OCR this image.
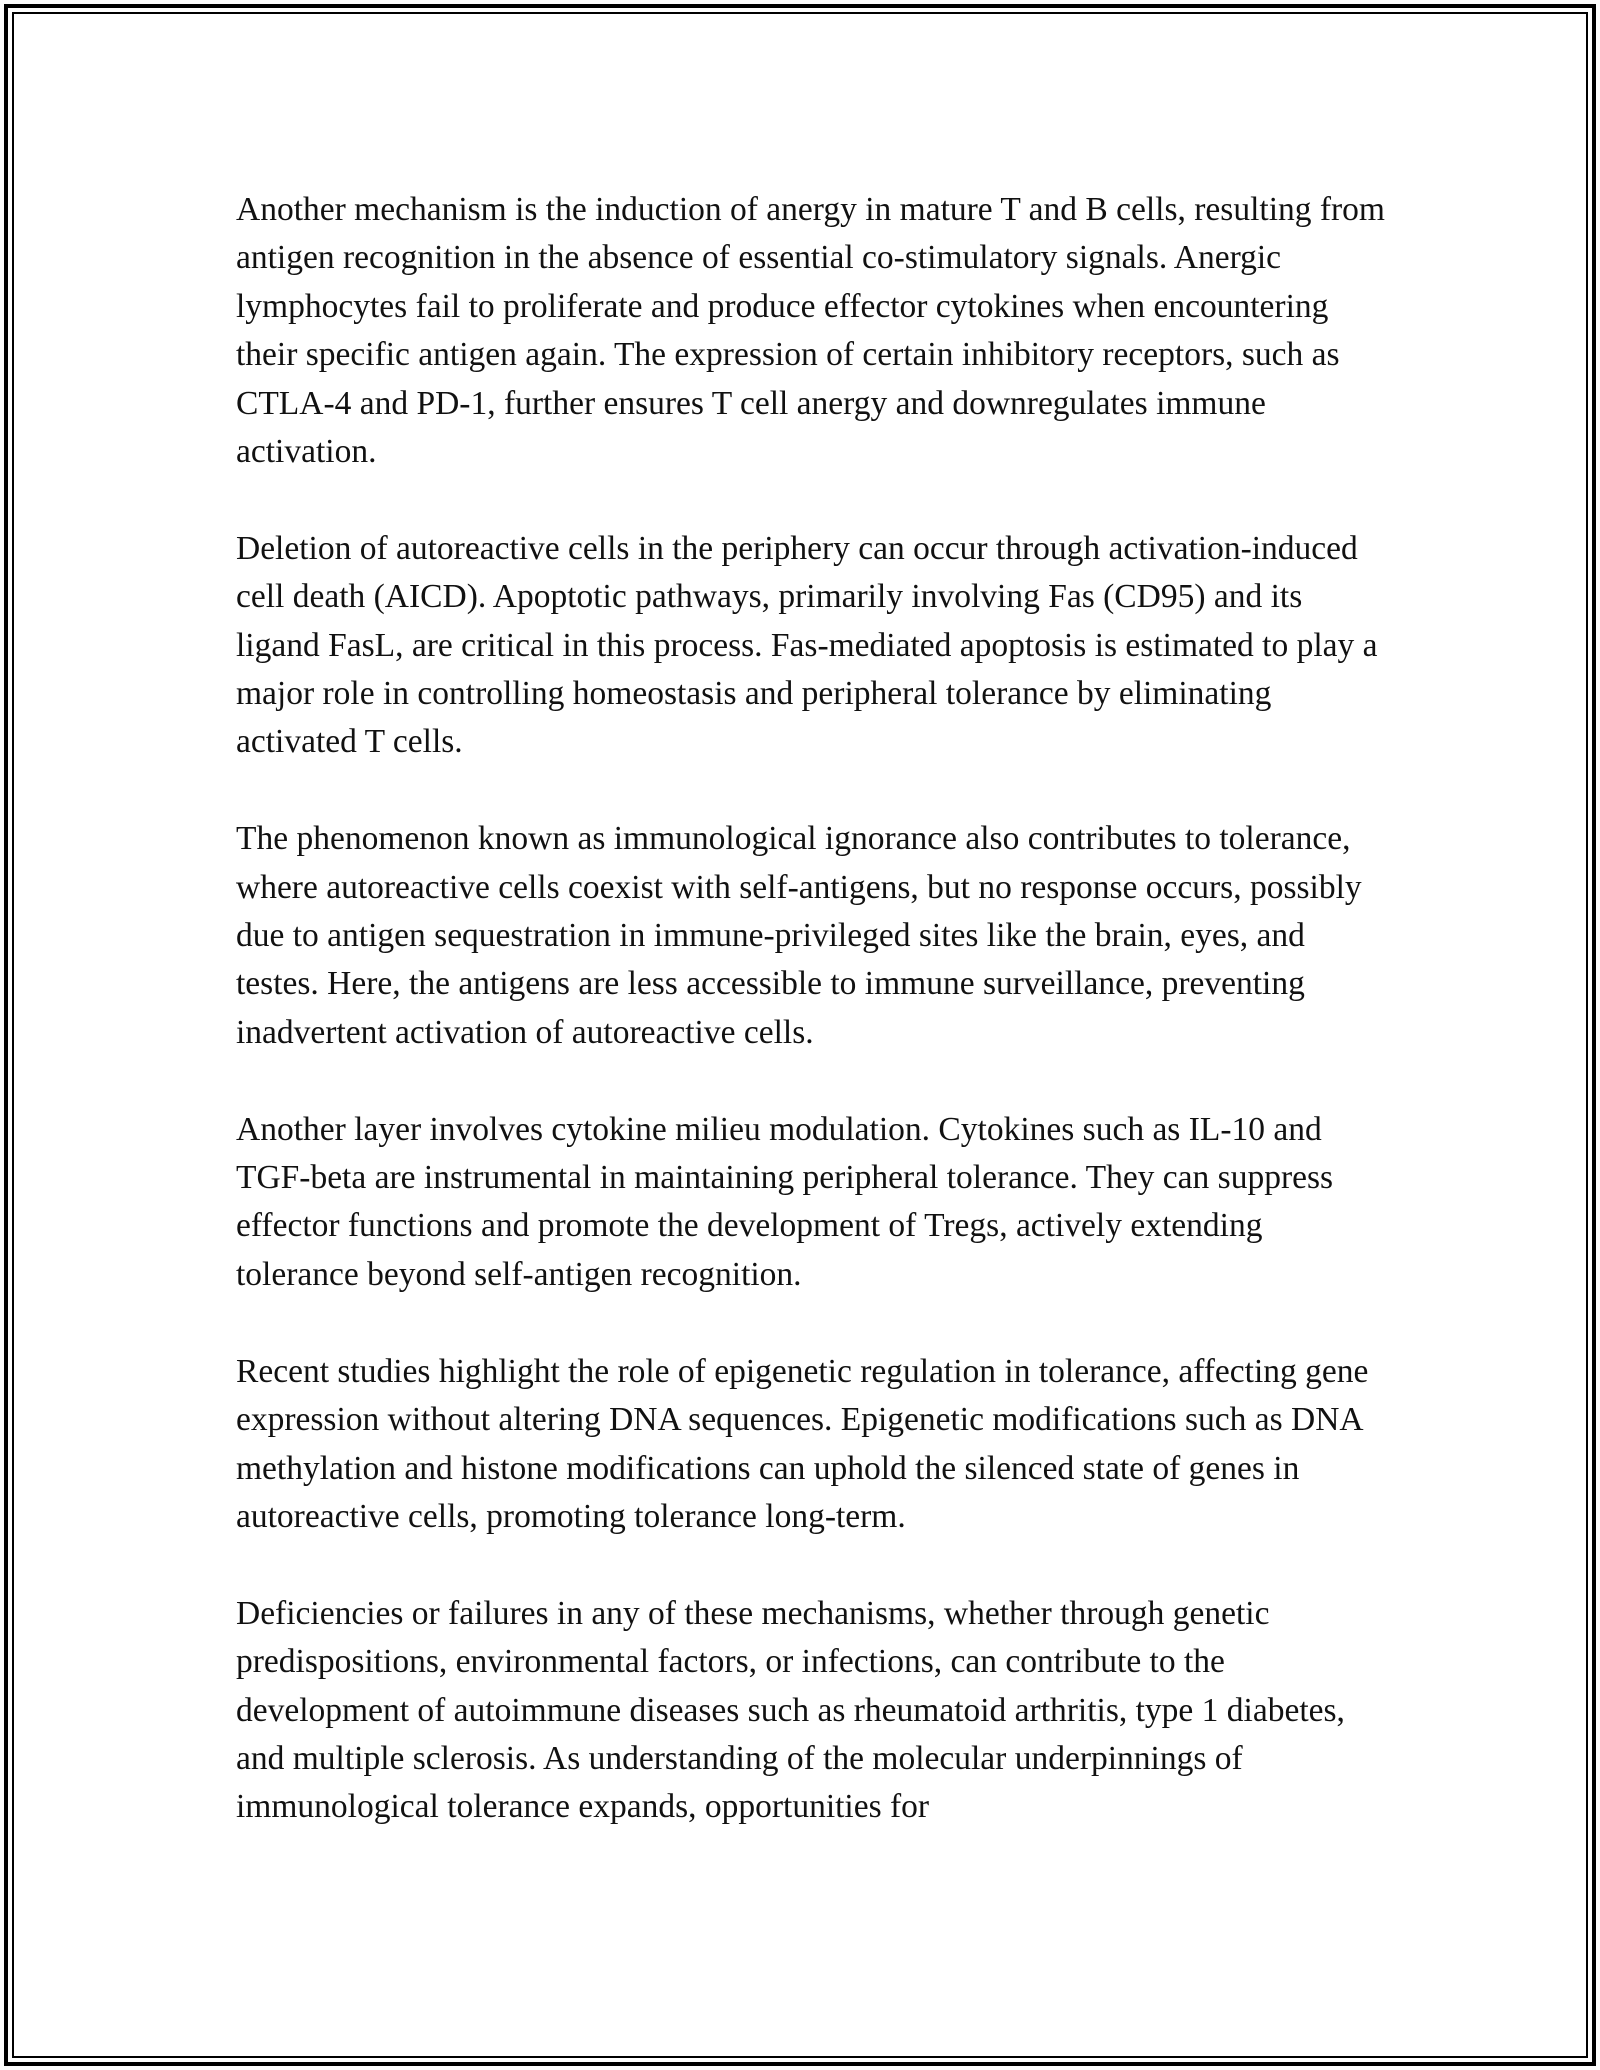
Another mechanism is the induction of anergy in mature T and B cells, resulting from antigen recognition in the absence of essential co-stimulatory signals. Anergic lymphocytes fail to proliferate and produce effector cytokines when encountering their specific antigen again. The expression of certain inhibitory receptors, such as CTLA-4 and PD-1, further ensures T cell anergy and downregulates immune activation.

Deletion of autoreactive cells in the periphery can occur through activation-induced cell death (AICD). Apoptotic pathways, primarily involving Fas (CD95) and its ligand FasL, are critical in this process. Fas-mediated apoptosis is estimated to play a major role in controlling homeostasis and peripheral tolerance by eliminating activated T cells.

The phenomenon known as immunological ignorance also contributes to tolerance, where autoreactive cells coexist with self-antigens, but no response occurs, possibly due to antigen sequestration in immune-privileged sites like the brain, eyes, and testes. Here, the antigens are less accessible to immune surveillance, preventing inadvertent activation of autoreactive cells.

Another layer involves cytokine milieu modulation. Cytokines such as IL-10 and TGF-beta are instrumental in maintaining peripheral tolerance. They can suppress effector functions and promote the development of Tregs, actively extending tolerance beyond self-antigen recognition.

Recent studies highlight the role of epigenetic regulation in tolerance, affecting gene expression without altering DNA sequences. Epigenetic modifications such as DNA methylation and histone modifications can uphold the silenced state of genes in autoreactive cells, promoting tolerance long-term.

Deficiencies or failures in any of these mechanisms, whether through genetic predispositions, environmental factors, or infections, can contribute to the development of autoimmune diseases such as rheumatoid arthritis, type 1 diabetes, and multiple sclerosis. As understanding of the molecular underpinnings of immunological tolerance expands, opportunities for
